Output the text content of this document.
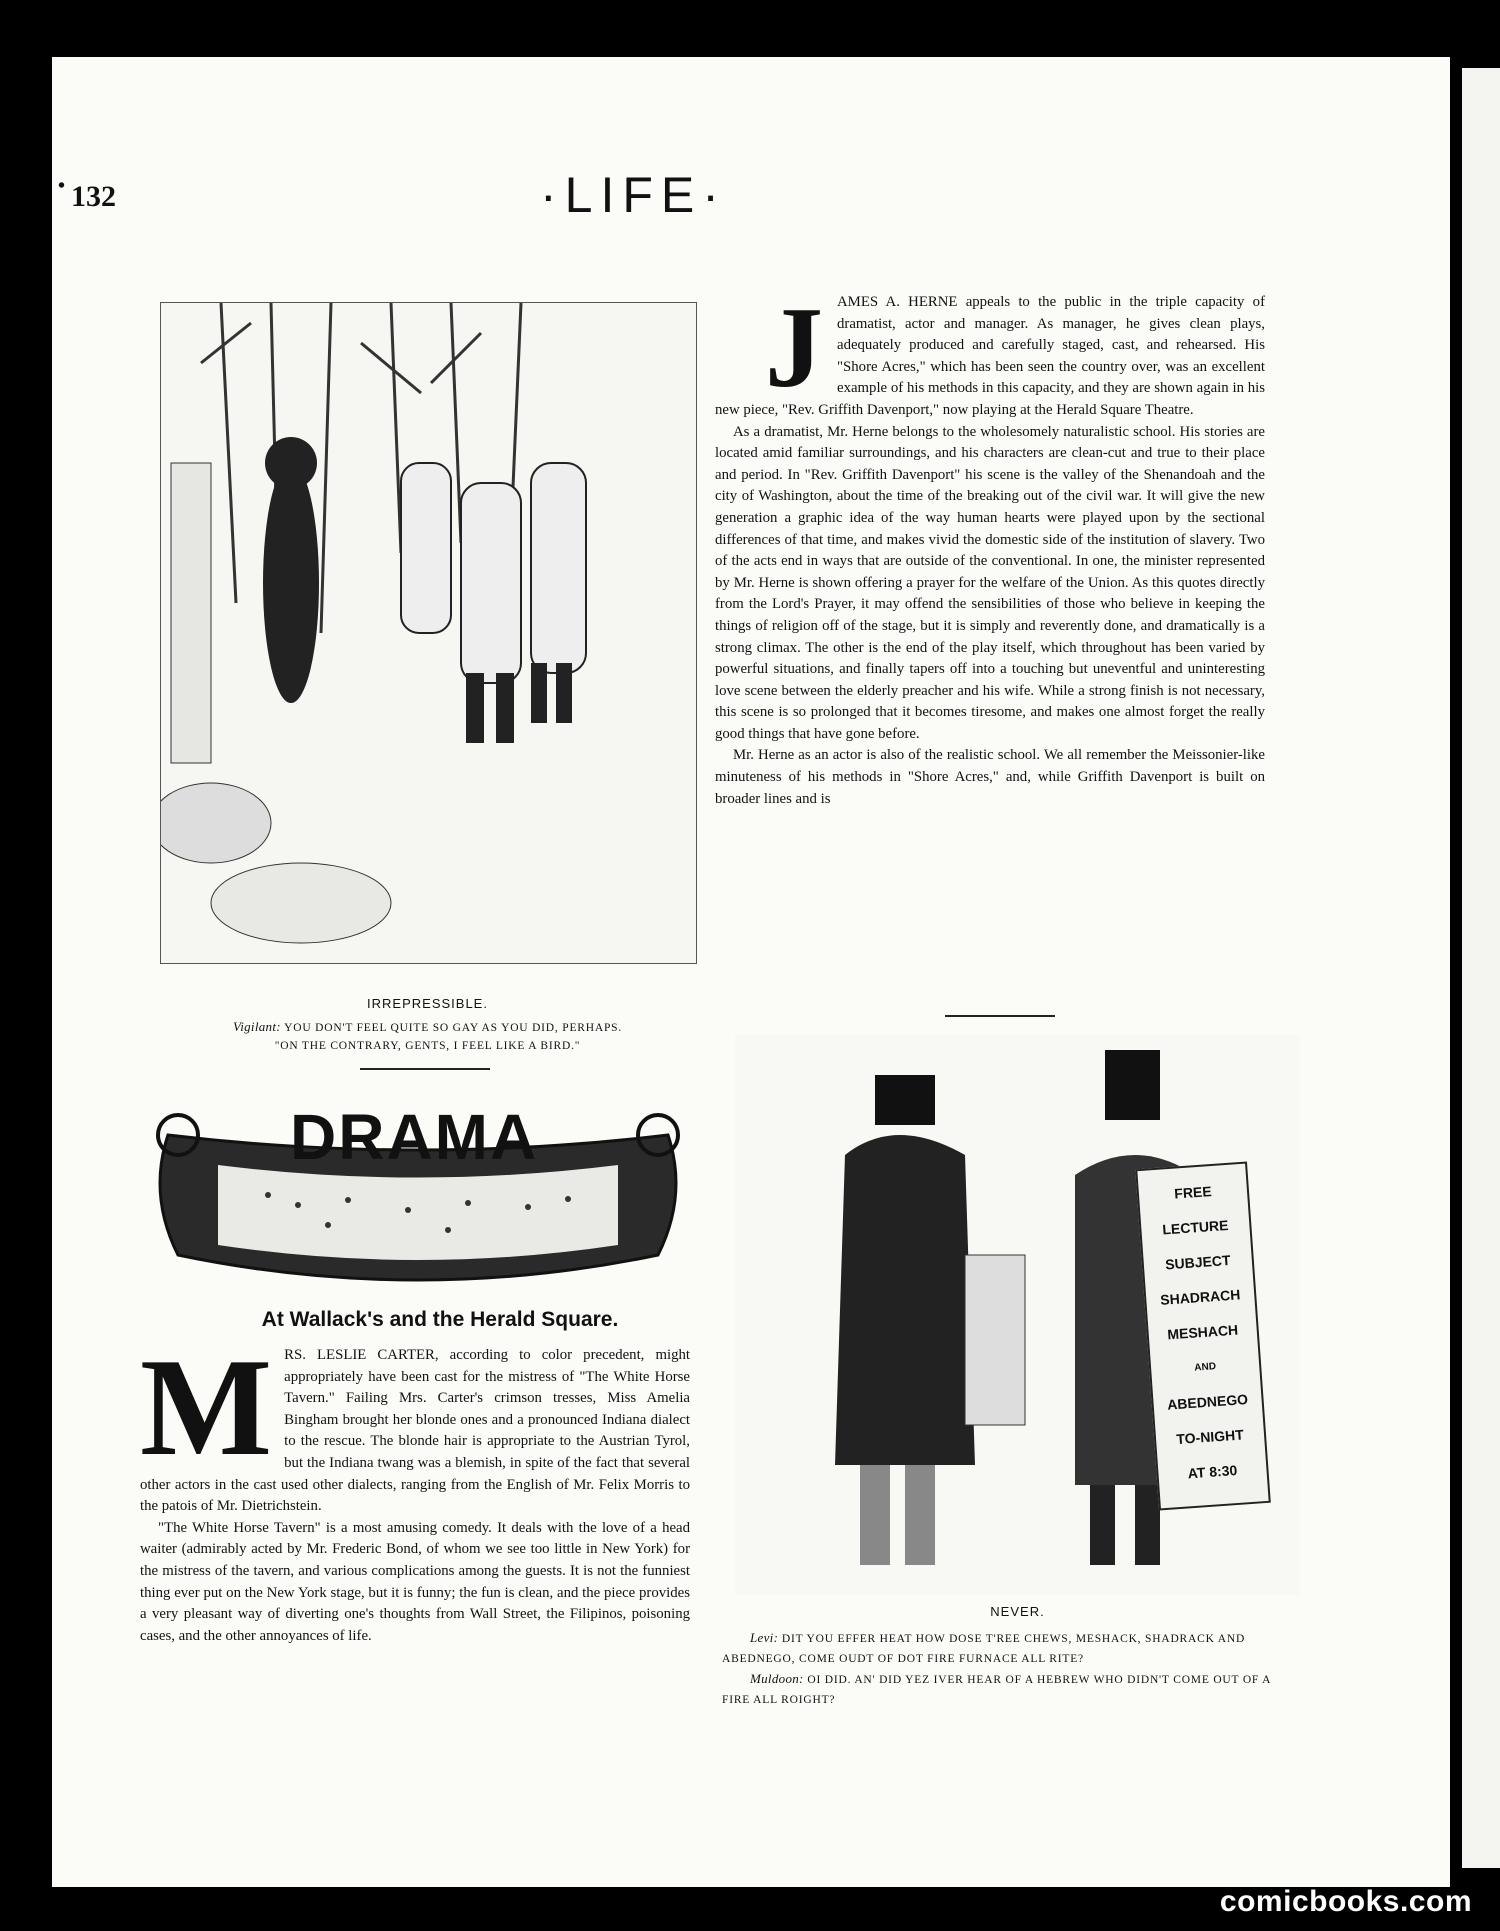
• 132	·LIFE·
IRREPRESSIBLE.
Vigilant: YOU DON'T FEEL QUITE SO GAY AS YOU DID, PERHAPS.
"ON THE CONTRARY, GENTS, I FEEL LIKE A BIRD."
DRAMA
At Wallack's and the Herald Square.

MRS. LESLIE CARTER, according to color precedent, might appropriately have been cast for the mistress of "The White Horse Tavern." Failing Mrs. Carter's crimson tresses, Miss Amelia Bingham brought her blonde ones and a pronounced Indiana dialect to the rescue. The blonde hair is appropriate to the Austrian Tyrol, but the Indiana twang was a blemish, in spite of the fact that several other actors in the cast used other dialects, ranging from the English of Mr. Felix Morris to the patois of Mr. Dietrichstein.

"The White Horse Tavern" is a most amusing comedy. It deals with the love of a head waiter (admirably acted by Mr. Frederic Bond, of whom we see too little in New York) for the mistress of the tavern, and various complications among the guests. It is not the funniest thing ever put on the New York stage, but it is funny; the fun is clean, and the piece provides a very pleasant way of diverting one's thoughts from Wall Street, the Filipinos, poisoning cases, and the other annoyances of life.

JAMES A. HERNE appeals to the public in the triple capacity of dramatist, actor and manager. As manager, he gives clean plays, adequately produced and carefully staged, cast, and rehearsed. His "Shore Acres," which has been seen the country over, was an excellent example of his methods in this capacity, and they are shown again in his new piece, "Rev. Griffith Davenport," now playing at the Herald Square Theatre.

As a dramatist, Mr. Herne belongs to the wholesomely naturalistic school. His stories are located amid familiar surroundings, and his characters are clean-cut and true to their place and period. In "Rev. Griffith Davenport" his scene is the valley of the Shenandoah and the city of Washington, about the time of the breaking out of the civil war. It will give the new generation a graphic idea of the way human hearts were played upon by the sectional differences of that time, and makes vivid the domestic side of the institution of slavery. Two of the acts end in ways that are outside of the conventional. In one, the minister represented by Mr. Herne is shown offering a prayer for the welfare of the Union. As this quotes directly from the Lord's Prayer, it may offend the sensibilities of those who believe in keeping the things of religion off of the stage, but it is simply and reverently done, and dramatically is a strong climax. The other is the end of the play itself, which throughout has been varied by powerful situations, and finally tapers off into a touching but uneventful and uninteresting love scene between the elderly preacher and his wife. While a strong finish is not necessary, this scene is so prolonged that it becomes tiresome, and makes one almost forget the really good things that have gone before.

Mr. Herne as an actor is also of the realistic school. We all remember the Meissonier-like minuteness of his methods in "Shore Acres," and, while Griffith Davenport is built on broader lines and is

FREE
LECTURE
SUBJECT
SHADRACH
MESHACH
AND
ABEDNEGO
TO-NIGHT
AT 8:30
NEVER.
Levi: DIT YOU EFFER HEAT HOW DOSE T'REE CHEWS, MESHACK, SHADRACK AND ABEDNEGO, COME OUDT OF DOT FIRE FURNACE ALL RITE?
Muldoon: OI DID. AN' DID YEZ IVER HEAR OF A HEBREW WHO DIDN'T COME OUT OF A FIRE ALL ROIGHT?
comicbooks.com
